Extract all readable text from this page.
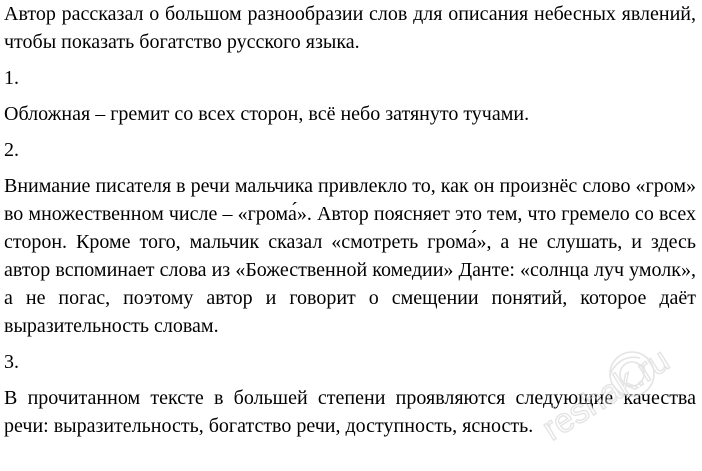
Автор рассказал о большом разнообразии слов для описания небесных явлений, чтобы показать богатство русского языка.

1.

Обложная – гремит со всех сторон, всё небо затянуто тучами.

2.

Внимание писателя в речи мальчика привлекло то, как он произнёс слово «гром» во множественном числе – «грома́». Автор поясняет это тем, что гремело со всех сторон. Кроме того, мальчик сказал «смотреть грома́», а не слушать, и здесь автор вспоминает слова из «Божественной комедии» Данте: «солнца луч умолк», а не погас, поэтому автор и говорит о смещении понятий, которое даёт выразительность словам.

3.

В прочитанном тексте в большей степени проявляются следующие качества речи: выразительность, богатство речи, доступность, ясность. reshak.ru
